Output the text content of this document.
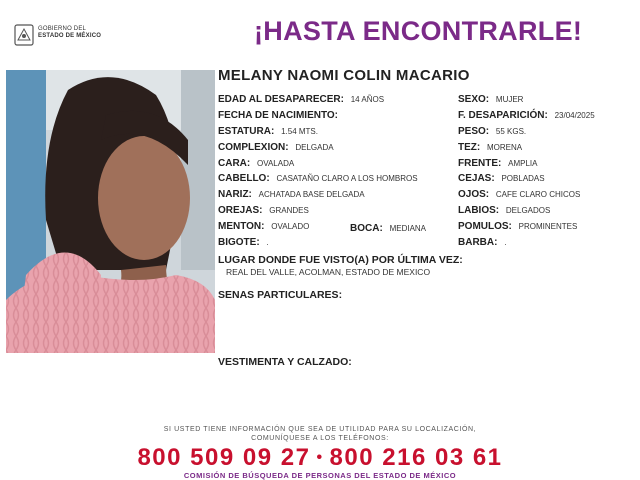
GOBIERNO DEL
ESTADO DE MÉXICO	¡HASTA ENCONTRARLE!
MELANY NAOMI COLIN MACARIO
EDAD AL DESAPARECER: 14 AÑOS
FECHA DE NACIMIENTO:
ESTATURA: 1.54 MTS.
COMPLEXION: DELGADA
CARA: OVALADA
CABELLO: CASATAÑO CLARO A LOS HOMBROS
NARIZ: ACHATADA BASE DELGADA
OREJAS: GRANDES
MENTON: OVALADO	BOCA: MEDIANA
BIGOTE: .
SEXO: MUJER
F. DESAPARICIÓN: 23/04/2025
PESO: 55 KGS.
TEZ: MORENA
FRENTE: AMPLIA
CEJAS: POBLADAS
OJOS: CAFE CLARO CHICOS
LABIOS: DELGADOS
POMULOS: PROMINENTES
BARBA: .
LUGAR DONDE FUE VISTO(A) POR ÚLTIMA VEZ:
REAL DEL VALLE, ACOLMAN, ESTADO DE MEXICO
SENAS PARTICULARES:
VESTIMENTA Y CALZADO:
SI USTED TIENE INFORMACIÓN QUE SEA DE UTILIDAD PARA SU LOCALIZACIÓN,
COMUNÍQUESE A LOS TELÉFONOS:
800 509 09 27 • 800 216 03 61
COMISIÓN DE BÚSQUEDA DE PERSONAS DEL ESTADO DE MÉXICO
